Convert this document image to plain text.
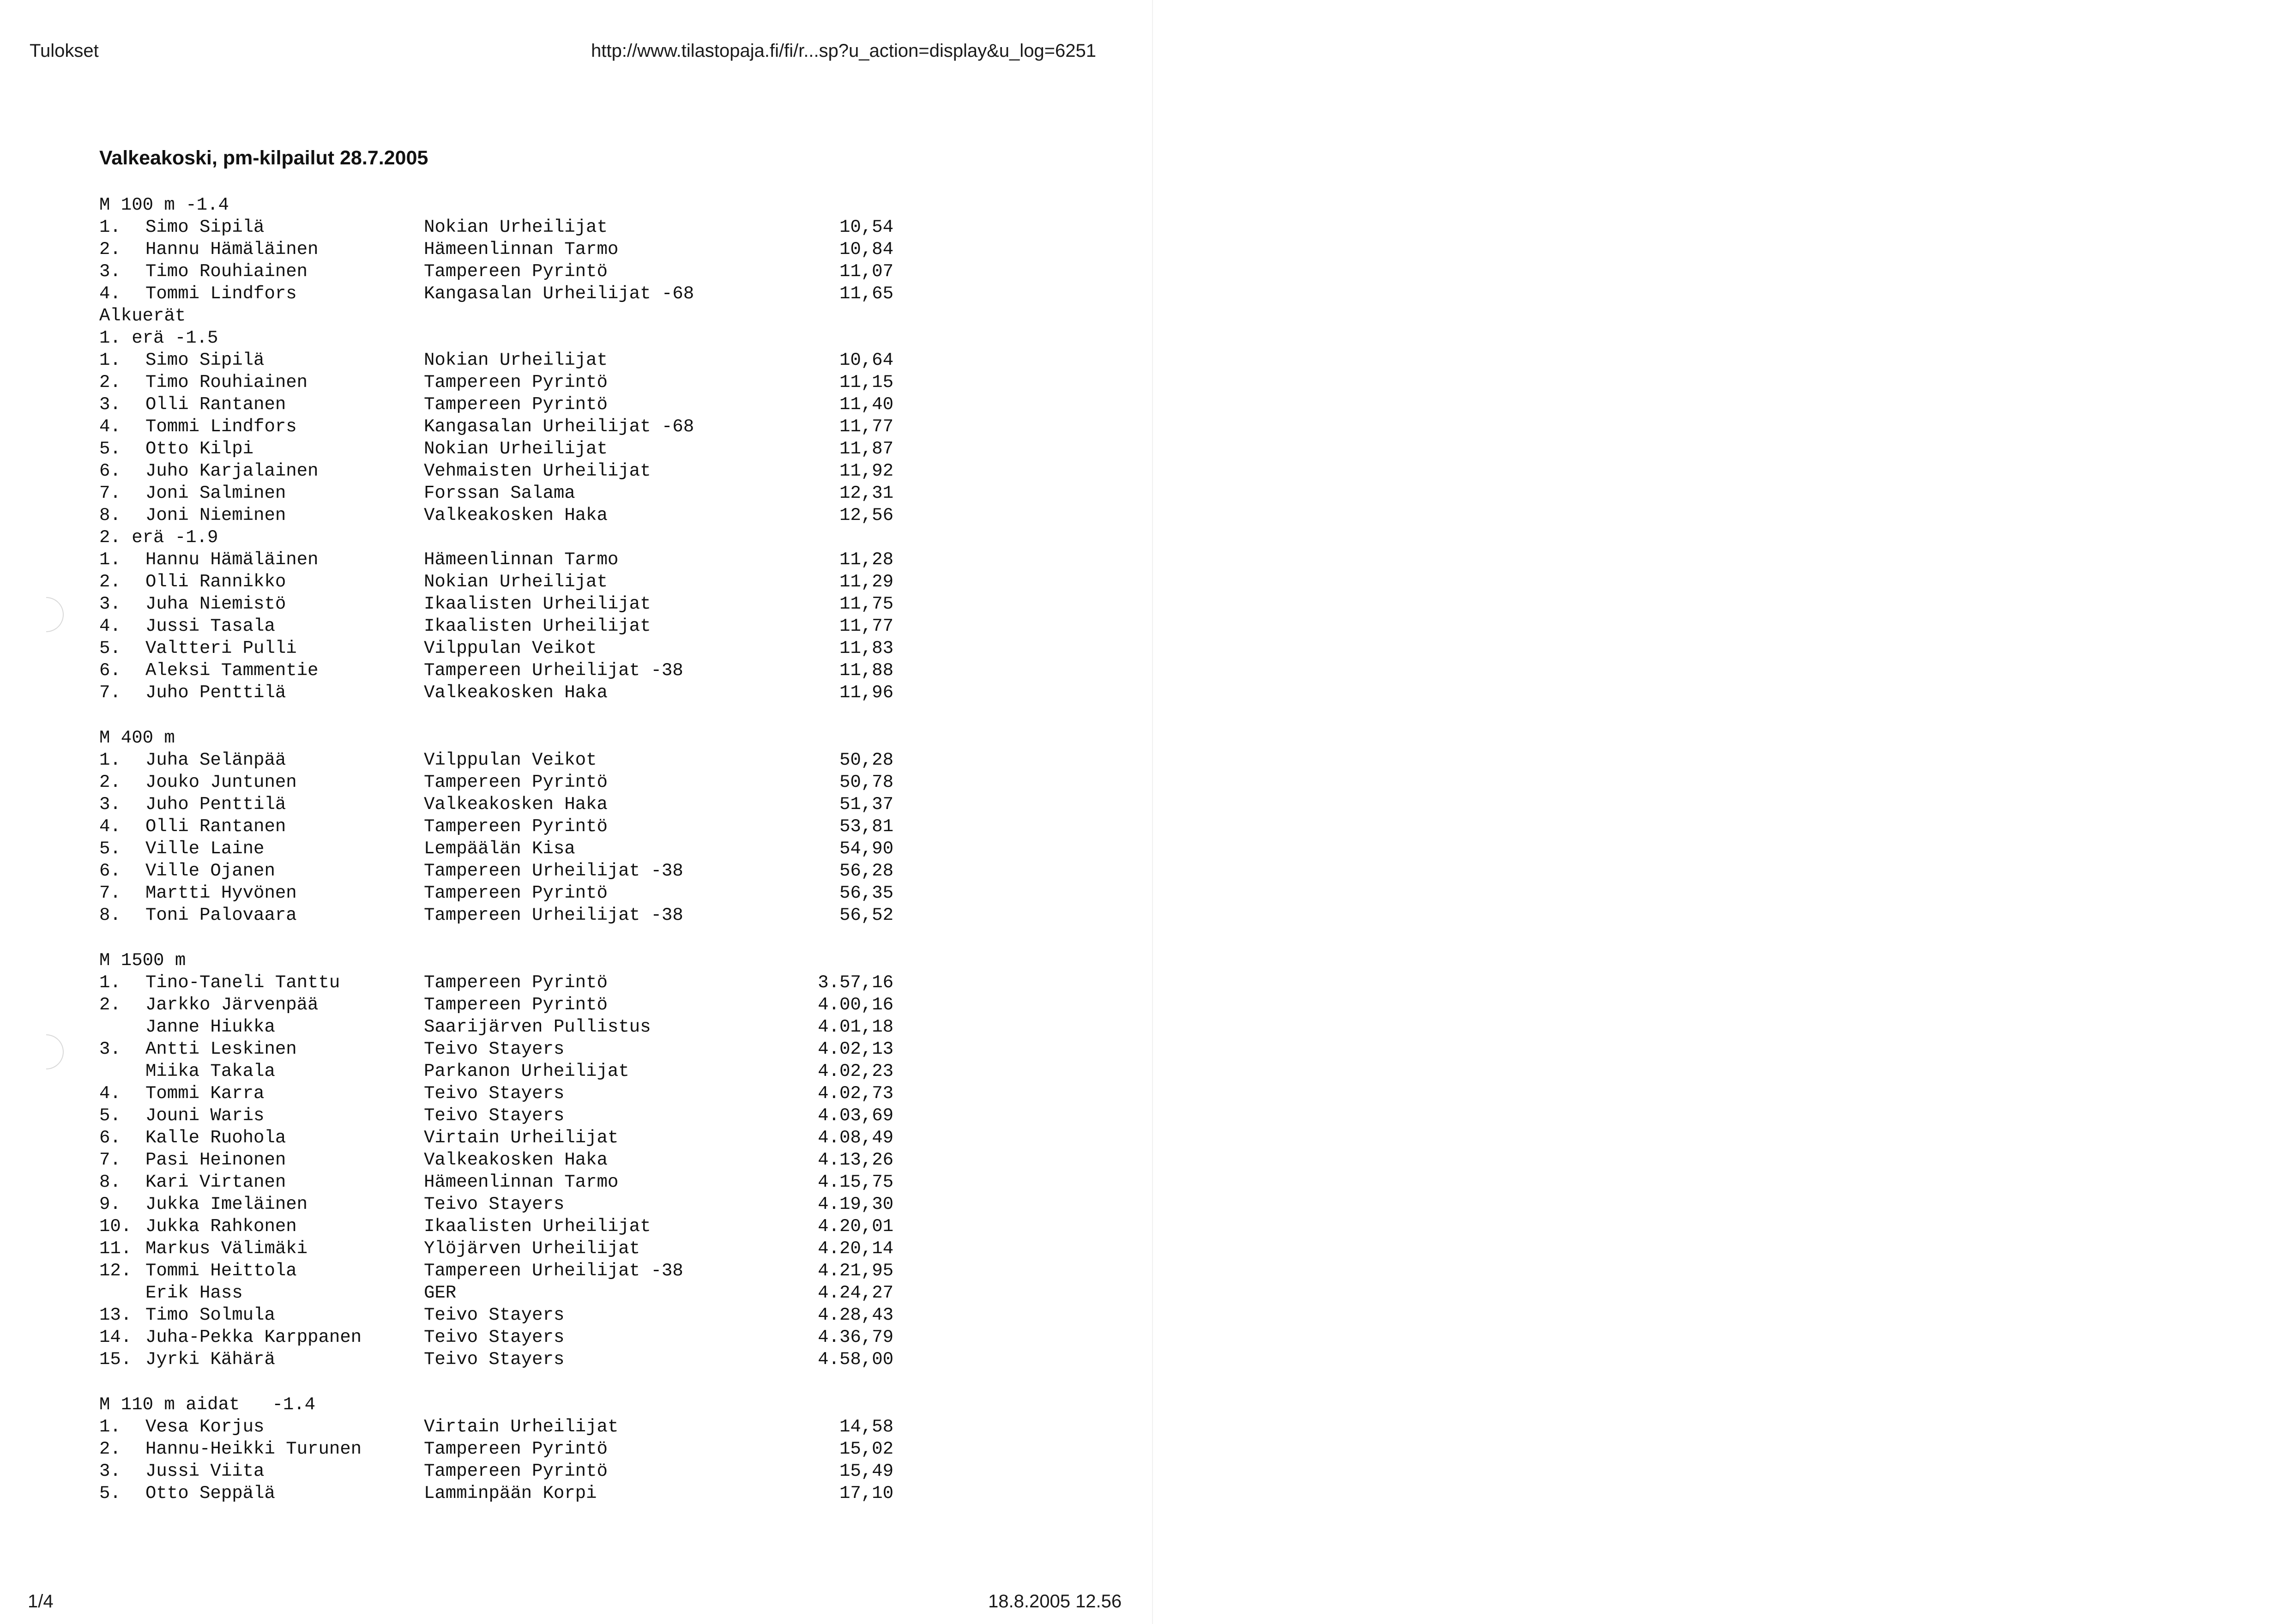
Tulokset	http://www.tilastopaja.fi/fi/r...sp?u_action=display&u_log=6251
Valkeakoski, pm-kilpailut 28.7.2005
M 100 m -1.4
1.	Simo Sipilä	Nokian Urheilijat	10,54
2.	Hannu Hämäläinen	Hämeenlinnan Tarmo	10,84
3.	Timo Rouhiainen	Tampereen Pyrintö	11,07
4.	Tommi Lindfors	Kangasalan Urheilijat -68	11,65
Alkuerät
1. erä -1.5
1.	Simo Sipilä	Nokian Urheilijat	10,64
2.	Timo Rouhiainen	Tampereen Pyrintö	11,15
3.	Olli Rantanen	Tampereen Pyrintö	11,40
4.	Tommi Lindfors	Kangasalan Urheilijat -68	11,77
5.	Otto Kilpi	Nokian Urheilijat	11,87
6.	Juho Karjalainen	Vehmaisten Urheilijat	11,92
7.	Joni Salminen	Forssan Salama	12,31
8.	Joni Nieminen	Valkeakosken Haka	12,56
2. erä -1.9
1.	Hannu Hämäläinen	Hämeenlinnan Tarmo	11,28
2.	Olli Rannikko	Nokian Urheilijat	11,29
3.	Juha Niemistö	Ikaalisten Urheilijat	11,75
4.	Jussi Tasala	Ikaalisten Urheilijat	11,77
5.	Valtteri Pulli	Vilppulan Veikot	11,83
6.	Aleksi Tammentie	Tampereen Urheilijat -38	11,88
7.	Juho Penttilä	Valkeakosken Haka	11,96
M 400 m
1.	Juha Selänpää	Vilppulan Veikot	50,28
2.	Jouko Juntunen	Tampereen Pyrintö	50,78
3.	Juho Penttilä	Valkeakosken Haka	51,37
4.	Olli Rantanen	Tampereen Pyrintö	53,81
5.	Ville Laine	Lempäälän Kisa	54,90
6.	Ville Ojanen	Tampereen Urheilijat -38	56,28
7.	Martti Hyvönen	Tampereen Pyrintö	56,35
8.	Toni Palovaara	Tampereen Urheilijat -38	56,52
M 1500 m
1.	Tino-Taneli Tanttu	Tampereen Pyrintö	3.57,16
2.	Jarkko Järvenpää	Tampereen Pyrintö	4.00,16
Janne Hiukka	Saarijärven Pullistus	4.01,18
3.	Antti Leskinen	Teivo Stayers	4.02,13
Miika Takala	Parkanon Urheilijat	4.02,23
4.	Tommi Karra	Teivo Stayers	4.02,73
5.	Jouni Waris	Teivo Stayers	4.03,69
6.	Kalle Ruohola	Virtain Urheilijat	4.08,49
7.	Pasi Heinonen	Valkeakosken Haka	4.13,26
8.	Kari Virtanen	Hämeenlinnan Tarmo	4.15,75
9.	Jukka Imeläinen	Teivo Stayers	4.19,30
10. Jukka Rahkonen	Ikaalisten Urheilijat	4.20,01
11. Markus Välimäki	Ylöjärven Urheilijat	4.20,14
12. Tommi Heittola	Tampereen Urheilijat -38	4.21,95
Erik Hass	GER	4.24,27
13. Timo Solmula	Teivo Stayers	4.28,43
14. Juha-Pekka Karppanen	Teivo Stayers	4.36,79
15. Jyrki Kähärä	Teivo Stayers	4.58,00
M 110 m aidat   -1.4
1.	Vesa Korjus	Virtain Urheilijat	14,58
2.	Hannu-Heikki Turunen	Tampereen Pyrintö	15,02
3.	Jussi Viita	Tampereen Pyrintö	15,49
5.	Otto Seppälä	Lamminpään Korpi	17,10
1/4	18.8.2005 12.56
